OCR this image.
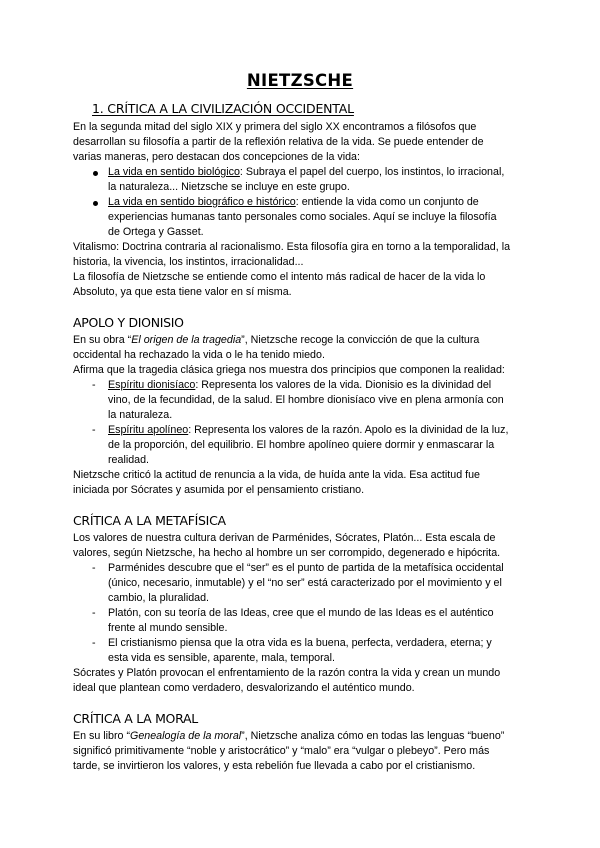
NIETZSCHE
1. CRÍTICA A LA CIVILIZACIÓN OCCIDENTAL
En la segunda mitad del siglo XIX y primera del siglo XX encontramos a filósofos que
desarrollan su filosofía a partir de la reflexión relativa de la vida. Se puede entender de
varias maneras, pero destacan dos concepciones de la vida:
La vida en sentido biológico: Subraya el papel del cuerpo, los instintos, lo irracional,
la naturaleza... Nietzsche se incluye en este grupo.
La vida en sentido biográfico e histórico: entiende la vida como un conjunto de
experiencias humanas tanto personales como sociales. Aquí se incluye la filosofía
de Ortega y Gasset.
Vitalismo: Doctrina contraria al racionalismo. Esta filosofía gira en torno a la temporalidad, la
historia, la vivencia, los instintos, irracionalidad...
La filosofía de Nietzsche se entiende como el intento más radical de hacer de la vida lo
Absoluto, ya que esta tiene valor en sí misma.
APOLO Y DIONISIO
En su obra “El origen de la tragedia”, Nietzsche recoge la convicción de que la cultura
occidental ha rechazado la vida o le ha tenido miedo.
Afirma que la tragedia clásica griega nos muestra dos principios que componen la realidad:
- Espíritu dionisíaco: Representa los valores de la vida. Dionisio es la divinidad del
vino, de la fecundidad, de la salud. El hombre dionisíaco vive en plena armonía con
la naturaleza.
- Espíritu apolíneo: Representa los valores de la razón. Apolo es la divinidad de la luz,
de la proporción, del equilibrio. El hombre apolíneo quiere dormir y enmascarar la
realidad.
Nietzsche criticó la actitud de renuncia a la vida, de huída ante la vida. Esa actitud fue
iniciada por Sócrates y asumida por el pensamiento cristiano.
CRÍTICA A LA METAFÍSICA
Los valores de nuestra cultura derivan de Parménides, Sócrates, Platón... Esta escala de
valores, según Nietzsche, ha hecho al hombre un ser corrompido, degenerado e hipócrita.
- Parménides descubre que el “ser” es el punto de partida de la metafísica occidental
(único, necesario, inmutable) y el “no ser” está caracterizado por el movimiento y el
cambio, la pluralidad.
- Platón, con su teoría de las Ideas, cree que el mundo de las Ideas es el auténtico
frente al mundo sensible.
- El cristianismo piensa que la otra vida es la buena, perfecta, verdadera, eterna; y
esta vida es sensible, aparente, mala, temporal.
Sócrates y Platón provocan el enfrentamiento de la razón contra la vida y crean un mundo
ideal que plantean como verdadero, desvalorizando el auténtico mundo.
CRÍTICA A LA MORAL
En su libro “Genealogía de la moral”, Nietzsche analiza cómo en todas las lenguas “bueno”
significó primitivamente “noble y aristocrático” y “malo” era “vulgar o plebeyo”. Pero más
tarde, se invirtieron los valores, y esta rebelión fue llevada a cabo por el cristianismo.
